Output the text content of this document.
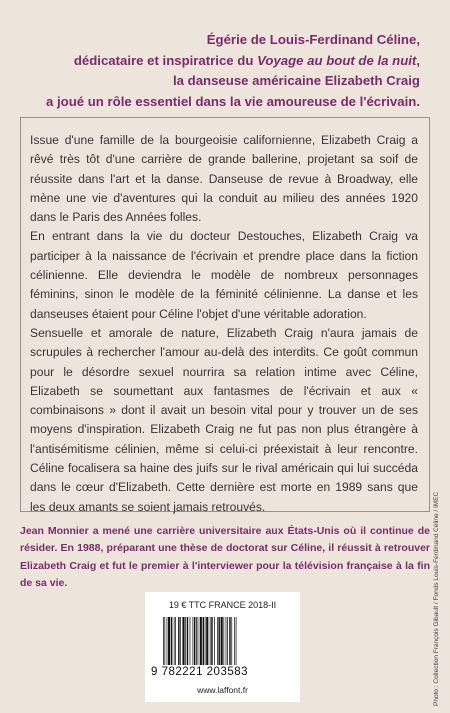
Égérie de Louis-Ferdinand Céline,
dédicataire et inspiratrice du Voyage au bout de la nuit,
la danseuse américaine Elizabeth Craig
a joué un rôle essentiel dans la vie amoureuse de l'écrivain.

Issue d'une famille de la bourgeoisie californienne, Elizabeth Craig a rêvé très tôt d'une carrière de grande ballerine, projetant sa soif de réussite dans l'art et la danse. Danseuse de revue à Broadway, elle mène une vie d'aventures qui la conduit au milieu des années 1920 dans le Paris des Années folles.

En entrant dans la vie du docteur Destouches, Elizabeth Craig va participer à la naissance de l'écrivain et prendre place dans la fiction célinienne. Elle deviendra le modèle de nombreux personnages féminins, sinon le modèle de la féminité célinienne. La danse et les danseuses étaient pour Céline l'objet d'une véritable adoration.

Sensuelle et amorale de nature, Elizabeth Craig n'aura jamais de scrupules à rechercher l'amour au-delà des interdits. Ce goût commun pour le désordre sexuel nourrira sa relation intime avec Céline, Elizabeth se soumettant aux fantasmes de l'écrivain et aux « combinaisons » dont il avait un besoin vital pour y trouver un de ses moyens d'inspiration. Elizabeth Craig ne fut pas non plus étrangère à l'antisémitisme célinien, même si celui-ci préexistait à leur rencontre. Céline focalisera sa haine des juifs sur le rival américain qui lui succéda dans le cœur d'Elizabeth. Cette dernière est morte en 1989 sans que les deux amants se soient jamais retrouvés.

Jean Monnier a mené une carrière universitaire aux États-Unis où il continue de résider. En 1988, préparant une thèse de doctorat sur Céline, il réussit à retrouver Elizabeth Craig et fut le premier à l'interviewer pour la télévision française à la fin de sa vie.

19 € TTC FRANCE 2018-II
9 782221 203583
www.laffont.fr	Photo : Collection François Gibault / Fonds Louis-Ferdinand Céline / IMEC
